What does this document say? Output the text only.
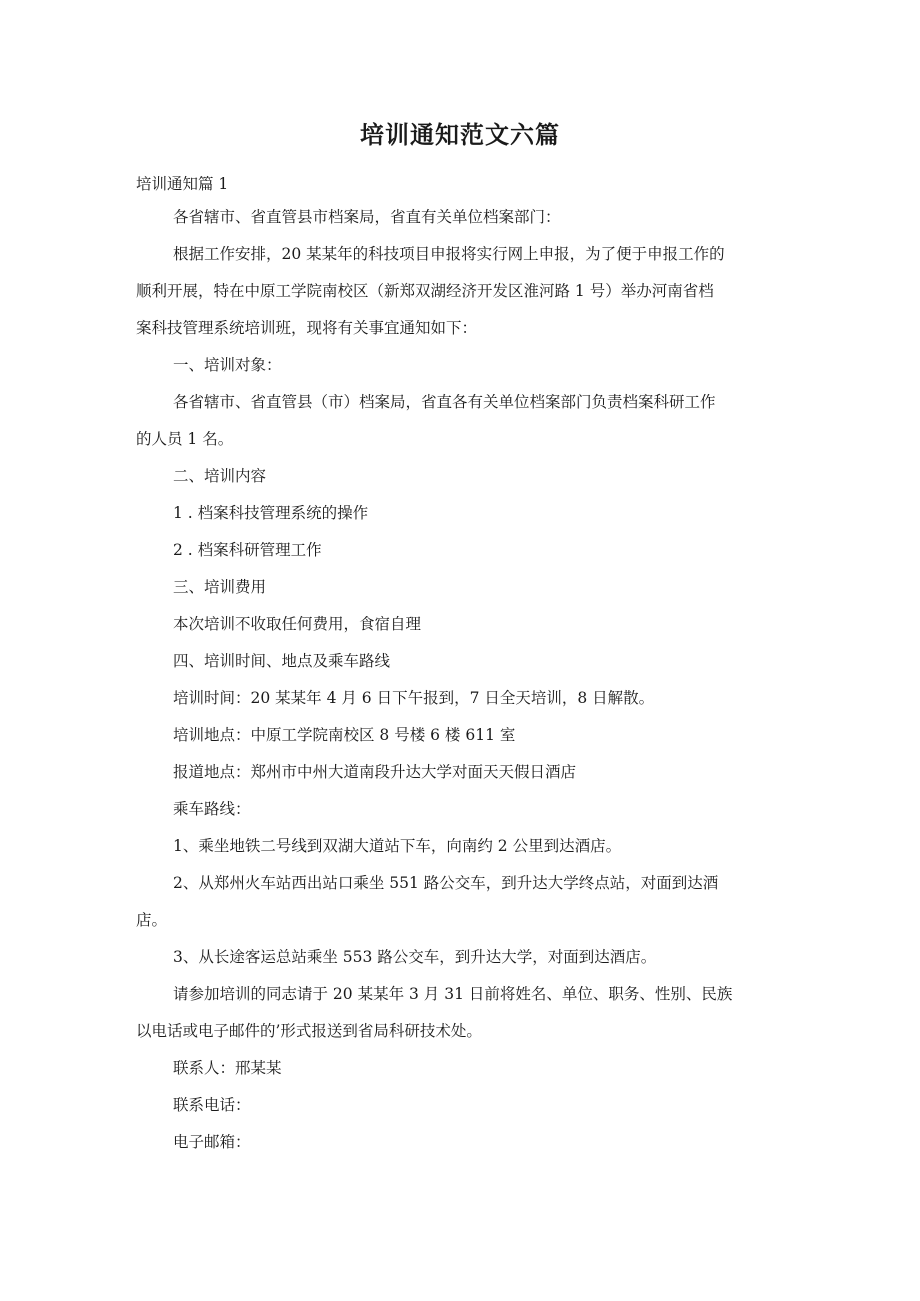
培训通知范文六篇

培训通知篇 1

各省辖市、省直管县市档案局，省直有关单位档案部门：

根据工作安排，20 某某年的科技项目申报将实行网上申报，为了便于申报工作的
顺利开展，特在中原工学院南校区（新郑双湖经济开发区淮河路 1 号）举办河南省档
案科技管理系统培训班，现将有关事宜通知如下：

一、培训对象：

各省辖市、省直管县（市）档案局，省直各有关单位档案部门负责档案科研工作
的人员 1 名。

二、培训内容

1 . 档案科技管理系统的操作

2 . 档案科研管理工作

三、培训费用

本次培训不收取任何费用，食宿自理

四、培训时间、地点及乘车路线

培训时间：20 某某年 4 月 6 日下午报到，7 日全天培训，8 日解散。

培训地点：中原工学院南校区 8 号楼 6 楼 611 室

报道地点：郑州市中州大道南段升达大学对面天天假日酒店

乘车路线：

1、乘坐地铁二号线到双湖大道站下车，向南约 2 公里到达酒店。

2、从郑州火车站西出站口乘坐 551 路公交车，到升达大学终点站，对面到达酒
店。

3、从长途客运总站乘坐 553 路公交车，到升达大学，对面到达酒店。

请参加培训的同志请于 20 某某年 3 月 31 日前将姓名、单位、职务、性别、民族
以电话或电子邮件的’形式报送到省局科研技术处。

联系人：邢某某

联系电话：

电子邮箱：
